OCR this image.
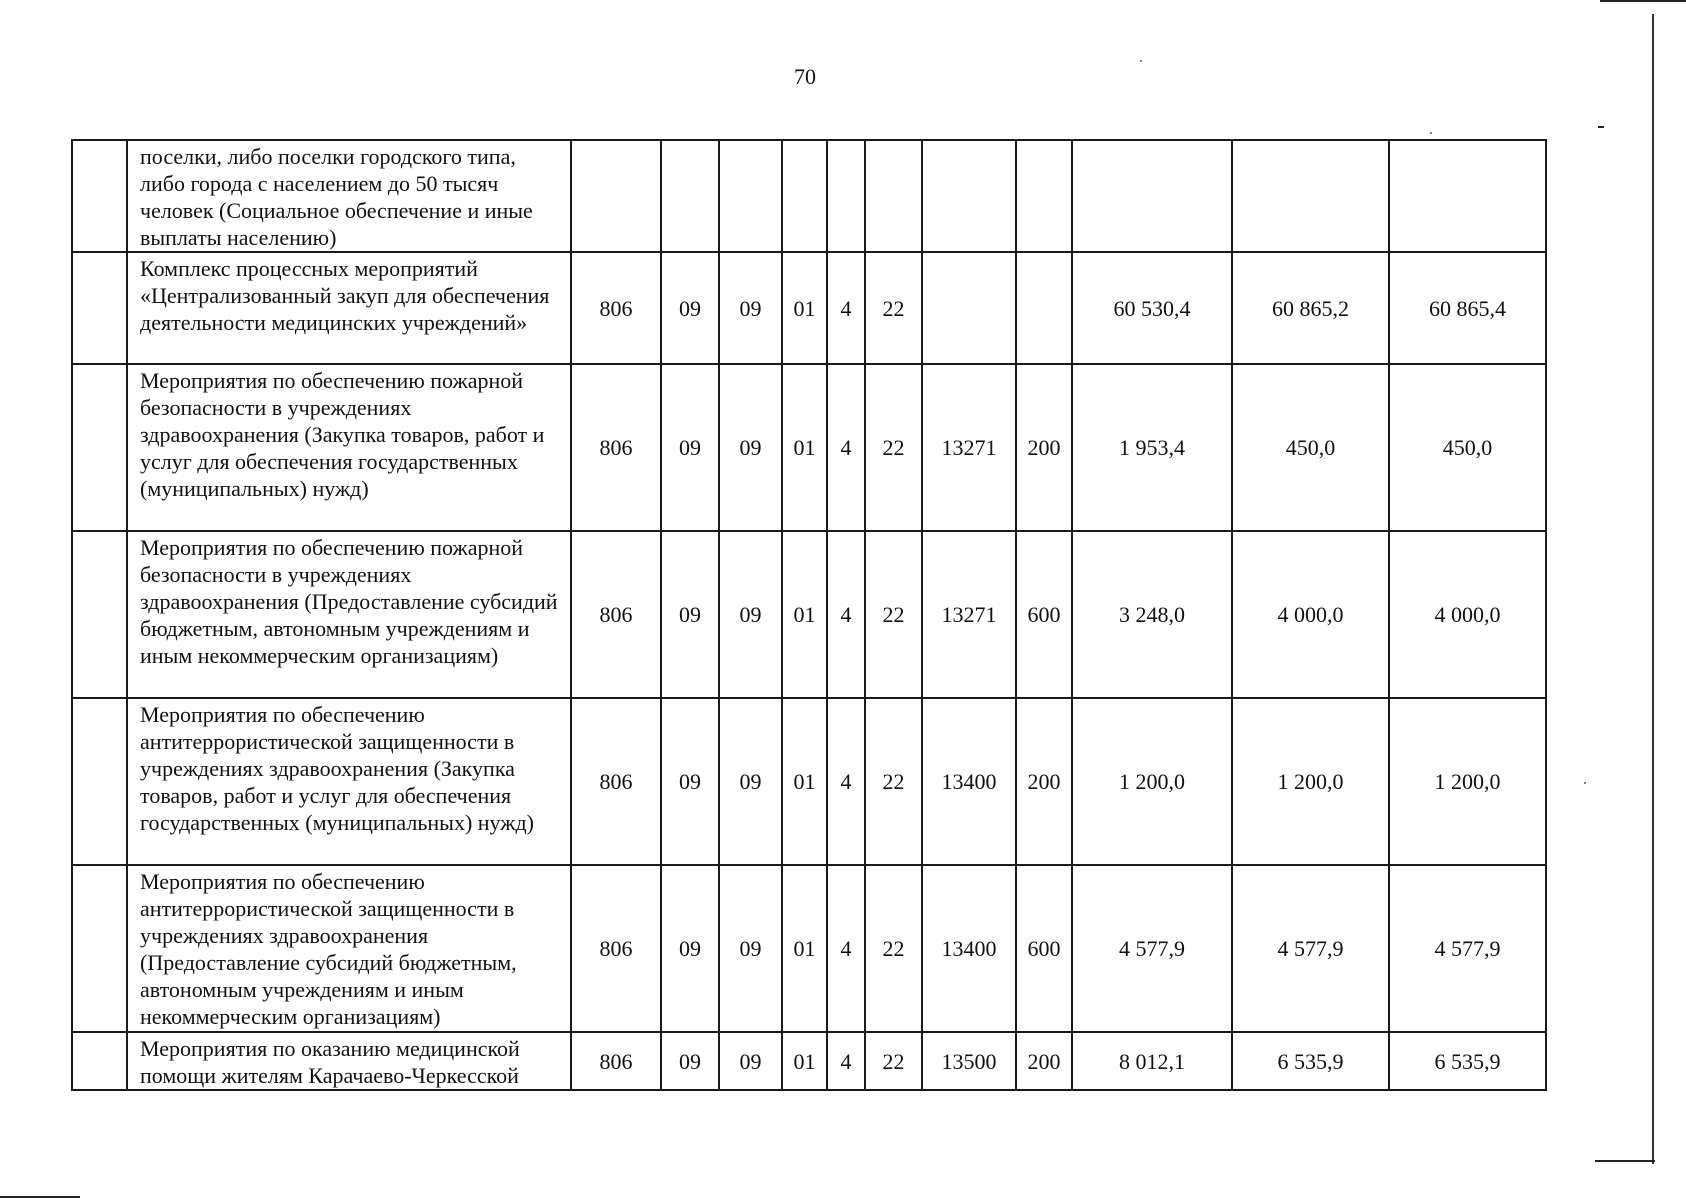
70
	поселки, либо поселки городского типа, либо города с населением до 50 тысяч человек (Социальное обеспечение и иные выплаты населению)											
	Комплекс процессных мероприятий «Централизованный закуп для обеспечения деятельности медицинских учреждений»	806	09	09	01	4	22			60 530,4	60 865,2	60 865,4
	Мероприятия по обеспечению пожарной безопасности в учреждениях здравоохранения (Закупка товаров, работ и услуг для обеспечения государственных (муниципальных) нужд)	806	09	09	01	4	22	13271	200	1 953,4	450,0	450,0
	Мероприятия по обеспечению пожарной безопасности в учреждениях здравоохранения (Предоставление субсидий бюджетным, автономным учреждениям и иным некоммерческим организациям)	806	09	09	01	4	22	13271	600	3 248,0	4 000,0	4 000,0
	Мероприятия по обеспечению антитеррористической защищенности в учреждениях здравоохранения (Закупка товаров, работ и услуг для обеспечения государственных (муниципальных) нужд)	806	09	09	01	4	22	13400	200	1 200,0	1 200,0	1 200,0
	Мероприятия по обеспечению антитеррористической защищенности в учреждениях здравоохранения (Предоставление субсидий бюджетным, автономным учреждениям и иным некоммерческим организациям)	806	09	09	01	4	22	13400	600	4 577,9	4 577,9	4 577,9
	Мероприятия по оказанию медицинской помощи жителям Карачаево-Черкесской	806	09	09	01	4	22	13500	200	8 012,1	6 535,9	6 535,9
